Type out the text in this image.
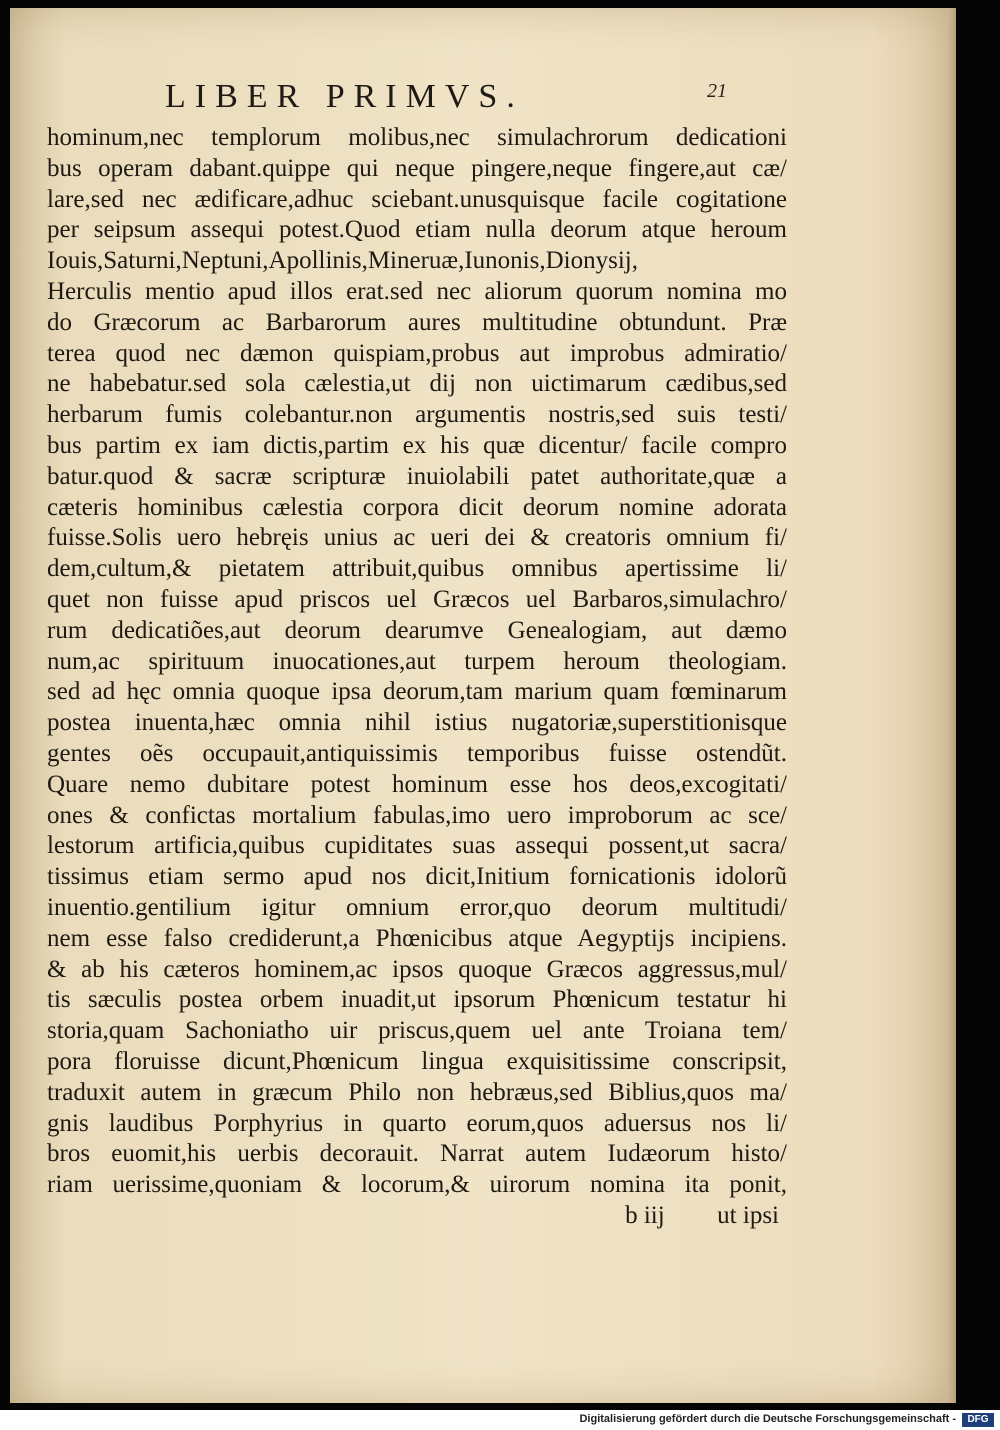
LIBER PRIMVS.	21
hominum,nec templorum molibus,nec simulachrorum dedicationi
bus operam dabant.quippe qui neque pingere,neque fingere,aut cæ/
lare,sed nec ædificare,adhuc sciebant.unusquisque facile cogitatione
per seipsum assequi potest.Quod etiam nulla deorum atque heroum
Iouis,Saturni,Neptuni,Apollinis,Mineruæ,Iunonis,Dionysij,
Herculis mentio apud illos erat.sed nec aliorum quorum nomina mo
do Græcorum ac Barbarorum aures multitudine obtundunt. Præ
terea quod nec dæmon quispiam,probus aut improbus admiratio/
ne habebatur.sed sola cælestia,ut dij non uictimarum cædibus,sed
herbarum fumis colebantur.non argumentis nostris,sed suis testi/
bus partim ex iam dictis,partim ex his quæ dicentur/ facile compro
batur.quod & sacræ scripturæ inuiolabili patet authoritate,quæ a
cæteris hominibus cælestia corpora dicit deorum nomine adorata
fuisse.Solis uero hebręis unius ac ueri dei & creatoris omnium fi/
dem,cultum,& pietatem attribuit,quibus omnibus apertissime li/
quet non fuisse apud priscos uel Græcos uel Barbaros,simulachro/
rum dedicatiões,aut deorum dearumve Genealogiam, aut dæmo
num,ac spirituum inuocationes,aut turpem heroum theologiam.
sed ad hęc omnia quoque ipsa deorum,tam marium quam fœminarum
postea inuenta,hæc omnia nihil istius nugatoriæ,superstitionisque
gentes oẽs occupauit,antiquissimis temporibus fuisse ostendũt.
Quare nemo dubitare potest hominum esse hos deos,excogitati/
ones & confictas mortalium fabulas,imo uero improborum ac sce/
lestorum artificia,quibus cupiditates suas assequi possent,ut sacra/
tissimus etiam sermo apud nos dicit,Initium fornicationis idolorũ
inuentio.gentilium igitur omnium error,quo deorum multitudi/
nem esse falso crediderunt,a Phœnicibus atque Aegyptijs incipiens.
& ab his cæteros hominem,ac ipsos quoque Græcos aggressus,mul/
tis sæculis postea orbem inuadit,ut ipsorum Phœnicum testatur hi
storia,quam Sachoniatho uir priscus,quem uel ante Troiana tem/
pora floruisse dicunt,Phœnicum lingua exquisitissime conscripsit,
traduxit autem in græcum Philo non hebræus,sed Biblius,quos ma/
gnis laudibus Porphyrius in quarto eorum,quos aduersus nos li/
bros euomit,his uerbis decorauit. Narrat autem Iudæorum histo/
riam uerissime,quoniam & locorum,& uirorum nomina ita ponit,
b iij ut ipsi
Digitalisierung gefördert durch die Deutsche Forschungsgemeinschaft -	DFG
